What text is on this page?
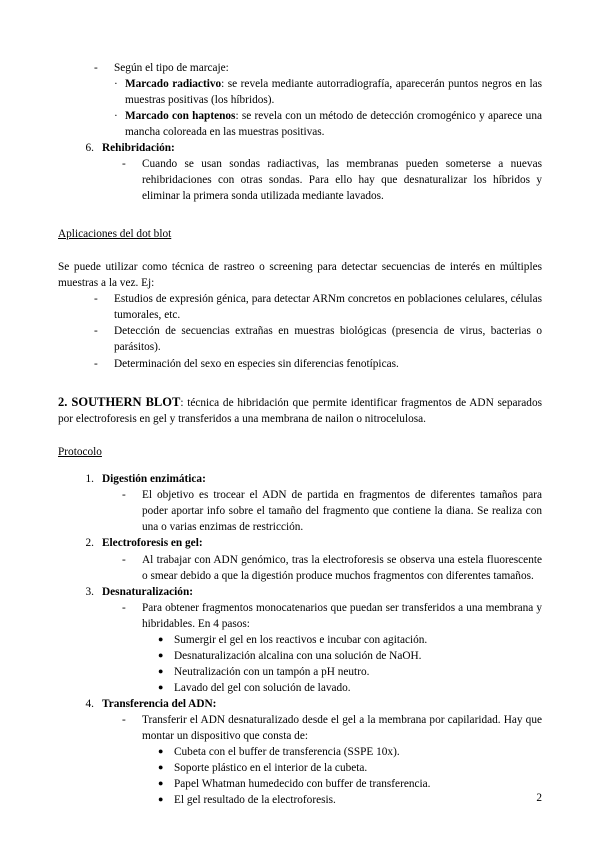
-	Según el tipo de marcaje:
· Marcado radiactivo: se revela mediante autorradiografía, aparecerán puntos negros en las muestras positivas (los híbridos).
· Marcado con haptenos: se revela con un método de detección cromogénico y aparece una mancha coloreada en las muestras positivas.
6. Rehibridación:
-	Cuando se usan sondas radiactivas, las membranas pueden someterse a nuevas rehibridaciones con otras sondas. Para ello hay que desnaturalizar los híbridos y eliminar la primera sonda utilizada mediante lavados.
Aplicaciones del dot blot
Se puede utilizar como técnica de rastreo o screening para detectar secuencias de interés en múltiples muestras a la vez. Ej:
-	Estudios de expresión génica, para detectar ARNm concretos en poblaciones celulares, células tumorales, etc.
-	Detección de secuencias extrañas en muestras biológicas (presencia de virus, bacterias o parásitos).
-	Determinación del sexo en especies sin diferencias fenotípicas.
2. SOUTHERN BLOT: técnica de hibridación que permite identificar fragmentos de ADN separados por electroforesis en gel y transferidos a una membrana de nailon o nitrocelulosa.
Protocolo
1. Digestión enzimática:
-	El objetivo es trocear el ADN de partida en fragmentos de diferentes tamaños para poder aportar info sobre el tamaño del fragmento que contiene la diana. Se realiza con una o varias enzimas de restricción.
2. Electroforesis en gel:
-	Al trabajar con ADN genómico, tras la electroforesis se observa una estela fluorescente o smear debido a que la digestión produce muchos fragmentos con diferentes tamaños.
3. Desnaturalización:
-	Para obtener fragmentos monocatenarios que puedan ser transferidos a una membrana y hibridables. En 4 pasos:
● Sumergir el gel en los reactivos e incubar con agitación.
● Desnaturalización alcalina con una solución de NaOH.
● Neutralización con un tampón a pH neutro.
● Lavado del gel con solución de lavado.
4. Transferencia del ADN:
-	Transferir el ADN desnaturalizado desde el gel a la membrana por capilaridad. Hay que montar un dispositivo que consta de:
● Cubeta con el buffer de transferencia (SSPE 10x).
● Soporte plástico en el interior de la cubeta.
● Papel Whatman humedecido con buffer de transferencia.
● El gel resultado de la electroforesis.	2
